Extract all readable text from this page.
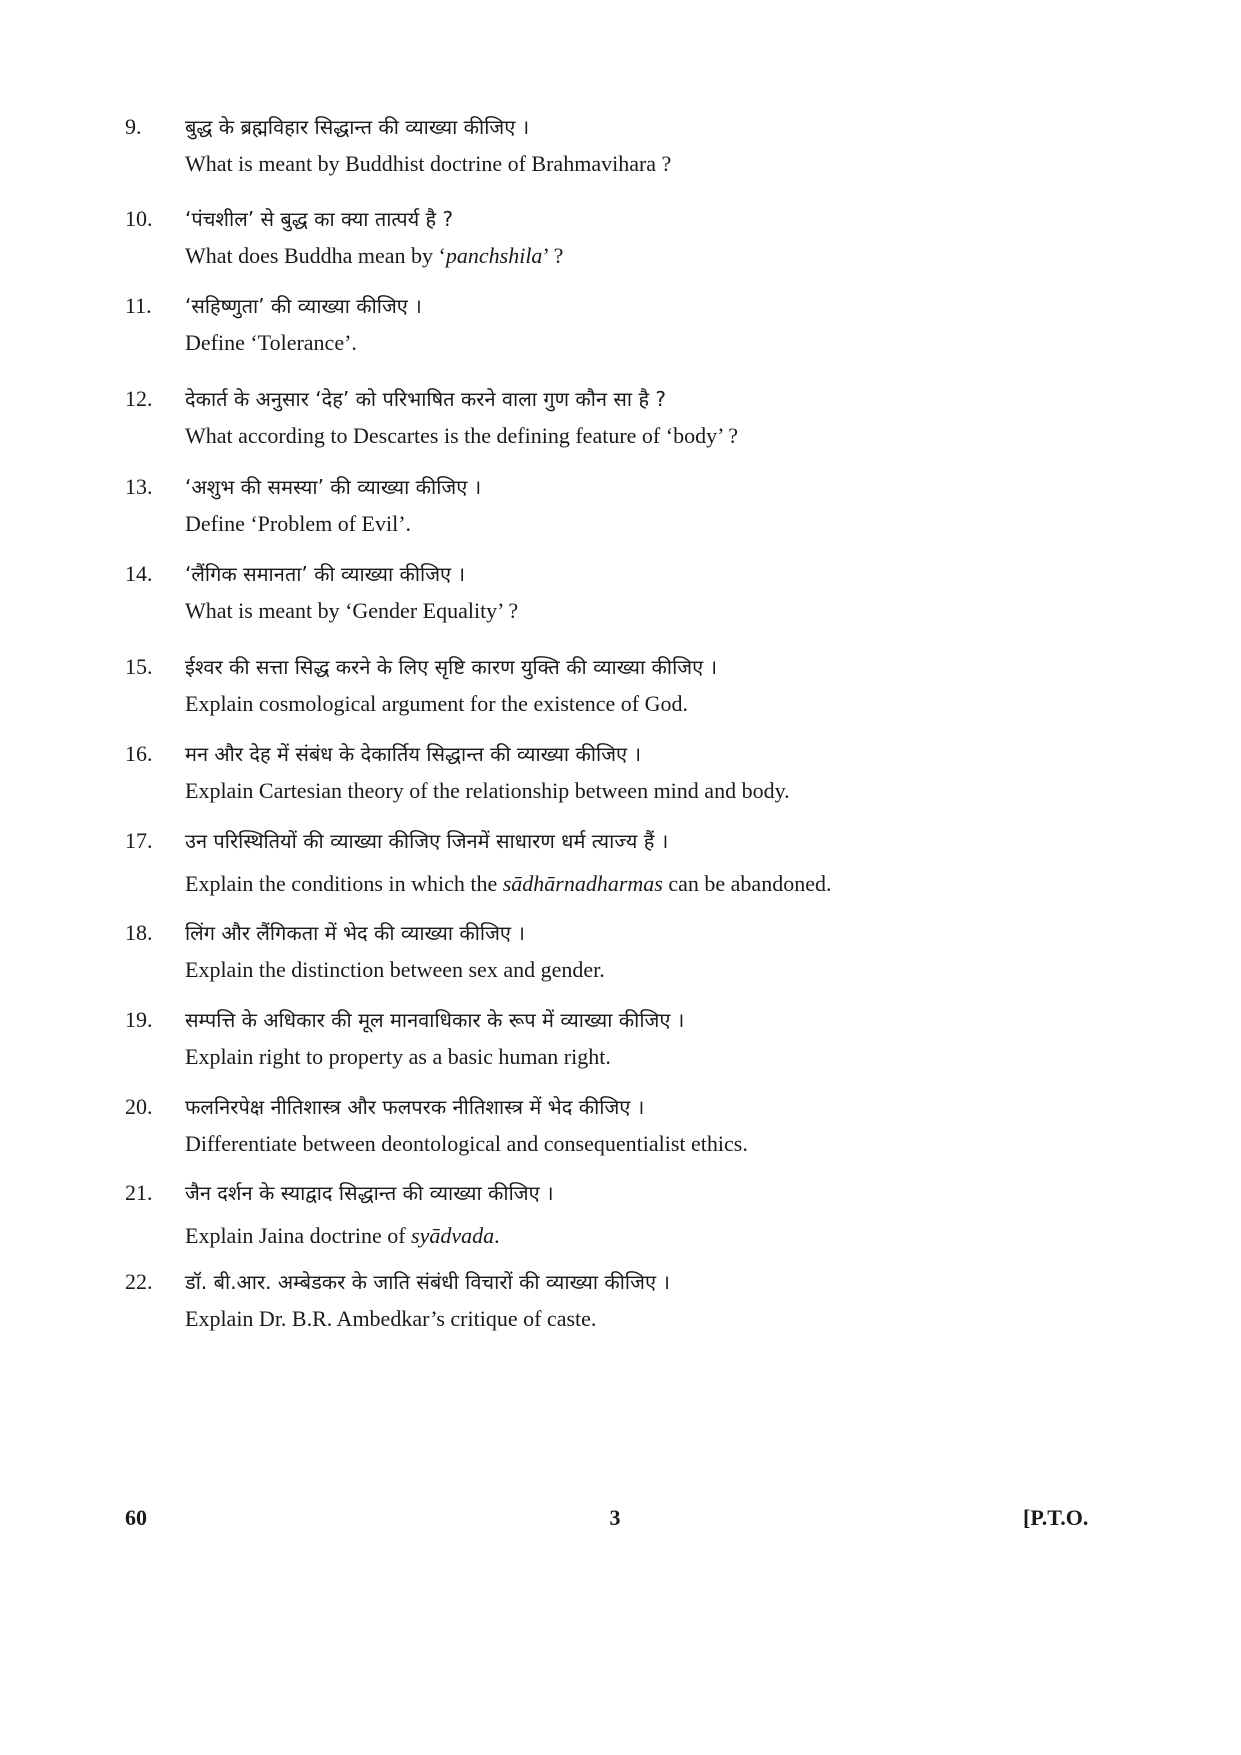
9.	बुद्ध के ब्रह्मविहार सिद्धान्त की व्याख्या कीजिए ।
What is meant by Buddhist doctrine of Brahmavihara ?
10.	‘पंचशील’ से बुद्ध का क्या तात्पर्य है ?
What does Buddha mean by ‘panchshila’ ?
11.	‘सहिष्णुता’ की व्याख्या कीजिए ।
Define ‘Tolerance’.
12.	देकार्त के अनुसार ‘देह’ को परिभाषित करने वाला गुण कौन सा है ?
What according to Descartes is the defining feature of ‘body’ ?
13.	‘अशुभ की समस्या’ की व्याख्या कीजिए ।
Define ‘Problem of Evil’.
14.	‘लैंगिक समानता’ की व्याख्या कीजिए ।
What is meant by ‘Gender Equality’ ?
15.	ईश्वर की सत्ता सिद्ध करने के लिए सृष्टि कारण युक्ति की व्याख्या कीजिए ।
Explain cosmological argument for the existence of God.
16.	मन और देह में संबंध के देकार्तिय सिद्धान्त की व्याख्या कीजिए ।
Explain Cartesian theory of the relationship between mind and body.
17.	उन परिस्थितियों की व्याख्या कीजिए जिनमें साधारण धर्म त्याज्य हैं ।
Explain the conditions in which the sādhārnadharmas can be abandoned.
18.	लिंग और लैंगिकता में भेद की व्याख्या कीजिए ।
Explain the distinction between sex and gender.
19.	सम्पत्ति के अधिकार की मूल मानवाधिकार के रूप में व्याख्या कीजिए ।
Explain right to property as a basic human right.
20.	फलनिरपेक्ष नीतिशास्त्र और फलपरक नीतिशास्त्र में भेद कीजिए ।
Differentiate between deontological and consequentialist ethics.
21.	जैन दर्शन के स्याद्वाद सिद्धान्त की व्याख्या कीजिए ।
Explain Jaina doctrine of syādvada.
22.	डॉ. बी.आर. अम्बेडकर के जाति संबंधी विचारों की व्याख्या कीजिए ।
Explain Dr. B.R. Ambedkar’s critique of caste.
60	3	[P.T.O.
